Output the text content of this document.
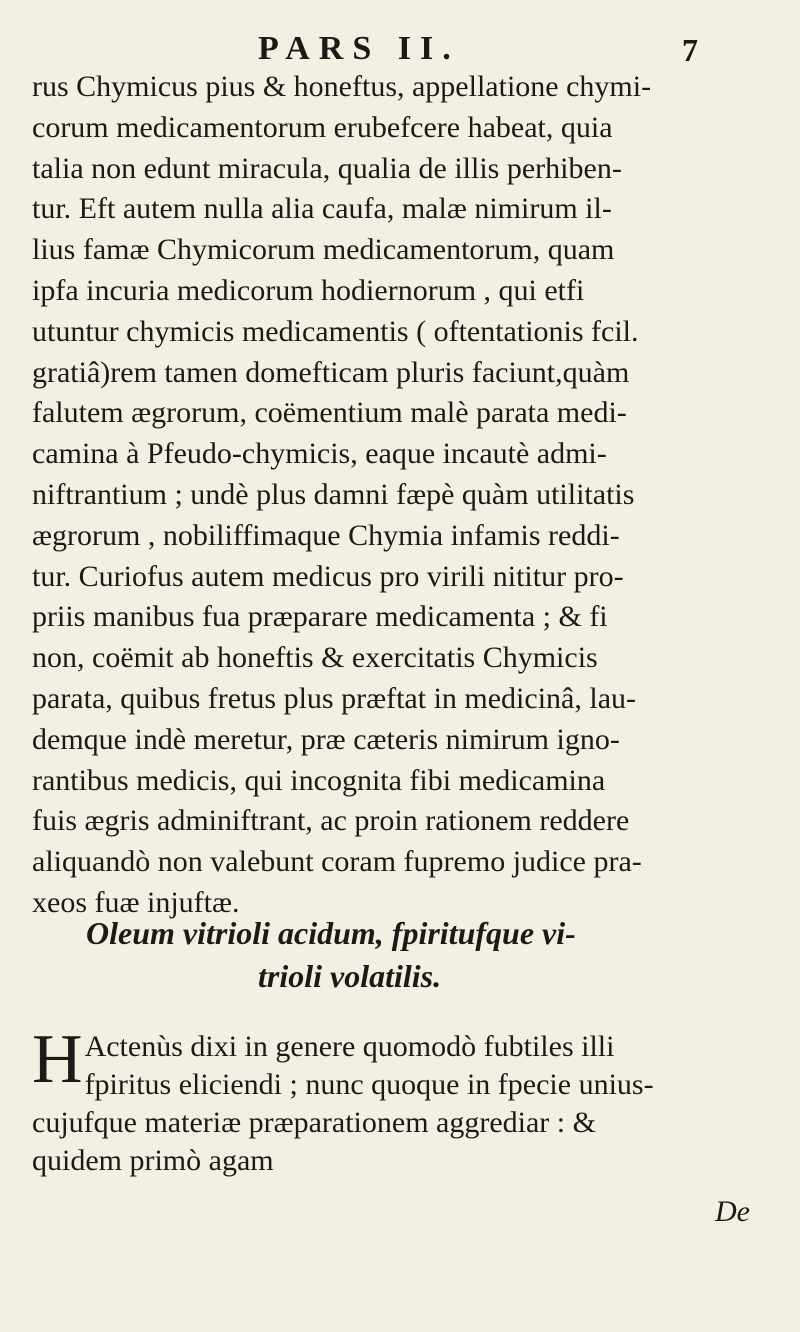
PARS II.	7
rus Chymicus pius & honeftus, appellatione chymi-
corum medicamentorum erubefcere habeat, quia
talia non edunt miracula, qualia de illis perhiben-
tur. Eft autem nulla alia caufa, malæ nimirum il-
lius famæ Chymicorum medicamentorum, quam
ipfa incuria medicorum hodiernorum , qui etfi
utuntur chymicis medicamentis ( oftentationis fcil.
gratiâ)rem tamen domefticam pluris faciunt,quàm
falutem ægrorum, coëmentium malè parata medi-
camina à Pfeudo-chymicis, eaque incautè admi-
niftrantium ; undè plus damni fæpè quàm utilitatis
ægrorum , nobiliffimaque Chymia infamis reddi-
tur. Curiofus autem medicus pro virili nititur pro-
priis manibus fua præparare medicamenta ; & fi
non, coëmit ab honeftis & exercitatis Chymicis
parata, quibus fretus plus præftat in medicinâ, lau-
demque indè meretur, præ cæteris nimirum igno-
rantibus medicis, qui incognita fibi medicamina
fuis ægris adminiftrant, ac proin rationem reddere
aliquandò non valebunt coram fupremo judice pra-
xeos fuæ injuftæ.
Oleum vitrioli acidum, fpiritufque vi-
trioli volatilis.
H Actenùs dixi in genere quomodò fubtiles illi
fpiritus eliciendi ; nunc quoque in fpecie unius-
cujufque materiæ præparationem aggrediar : &
quidem primò agam
De
